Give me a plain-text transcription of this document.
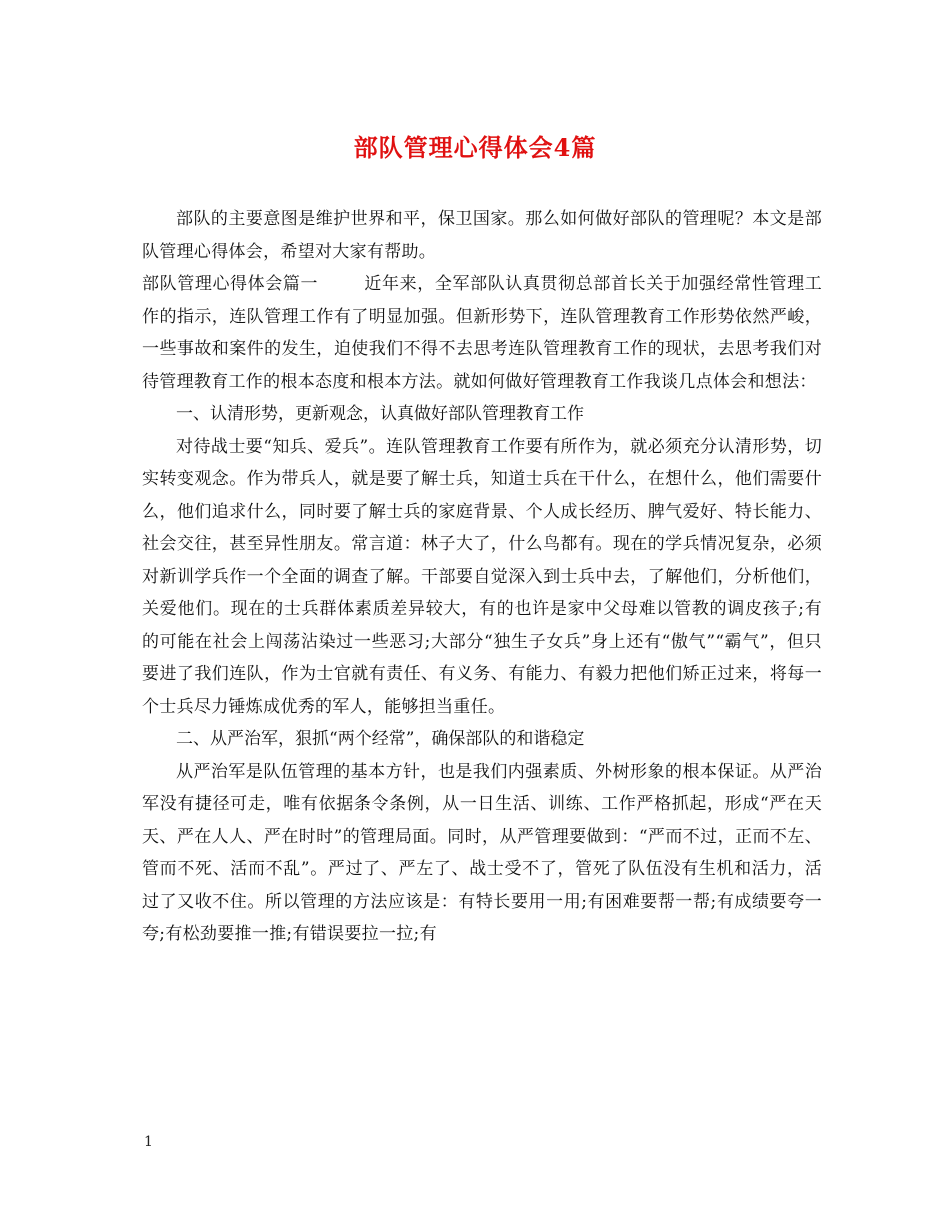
部队管理心得体会4篇

部队的主要意图是维护世界和平，保卫国家。那么如何做好部队的管理呢？本文是部队管理心得体会，希望对大家有帮助。

部队管理心得体会篇一	近年来，全军部队认真贯彻总部首长关于加强经常性管理工作的指示，连队管理工作有了明显加强。但新形势下，连队管理教育工作形势依然严峻，一些事故和案件的发生，迫使我们不得不去思考连队管理教育工作的现状，去思考我们对待管理教育工作的根本态度和根本方法。就如何做好管理教育工作我谈几点体会和想法：

一、认清形势，更新观念，认真做好部队管理教育工作

对待战士要“知兵、爱兵”。连队管理教育工作要有所作为，就必须充分认清形势，切实转变观念。作为带兵人，就是要了解士兵，知道士兵在干什么，在想什么，他们需要什么，他们追求什么，同时要了解士兵的家庭背景、个人成长经历、脾气爱好、特长能力、社会交往，甚至异性朋友。常言道：林子大了，什么鸟都有。现在的学兵情况复杂，必须对新训学兵作一个全面的调查了解。干部要自觉深入到士兵中去，了解他们，分析他们，关爱他们。现在的士兵群体素质差异较大，有的也许是家中父母难以管教的调皮孩子;有的可能在社会上闯荡沾染过一些恶习;大部分“独生子女兵”身上还有“傲气”“霸气”，但只要进了我们连队，作为士官就有责任、有义务、有能力、有毅力把他们矫正过来，将每一个士兵尽力锤炼成优秀的军人，能够担当重任。

二、从严治军，狠抓“两个经常”，确保部队的和谐稳定

从严治军是队伍管理的基本方针，也是我们内强素质、外树形象的根本保证。从严治军没有捷径可走，唯有依据条令条例，从一日生活、训练、工作严格抓起，形成“严在天天、严在人人、严在时时”的管理局面。同时，从严管理要做到：“严而不过，正而不左、管而不死、活而不乱”。严过了、严左了、战士受不了，管死了队伍没有生机和活力，活过了又收不住。所以管理的方法应该是：有特长要用一用;有困难要帮一帮;有成绩要夸一夸;有松劲要推一推;有错误要拉一拉;有

1
